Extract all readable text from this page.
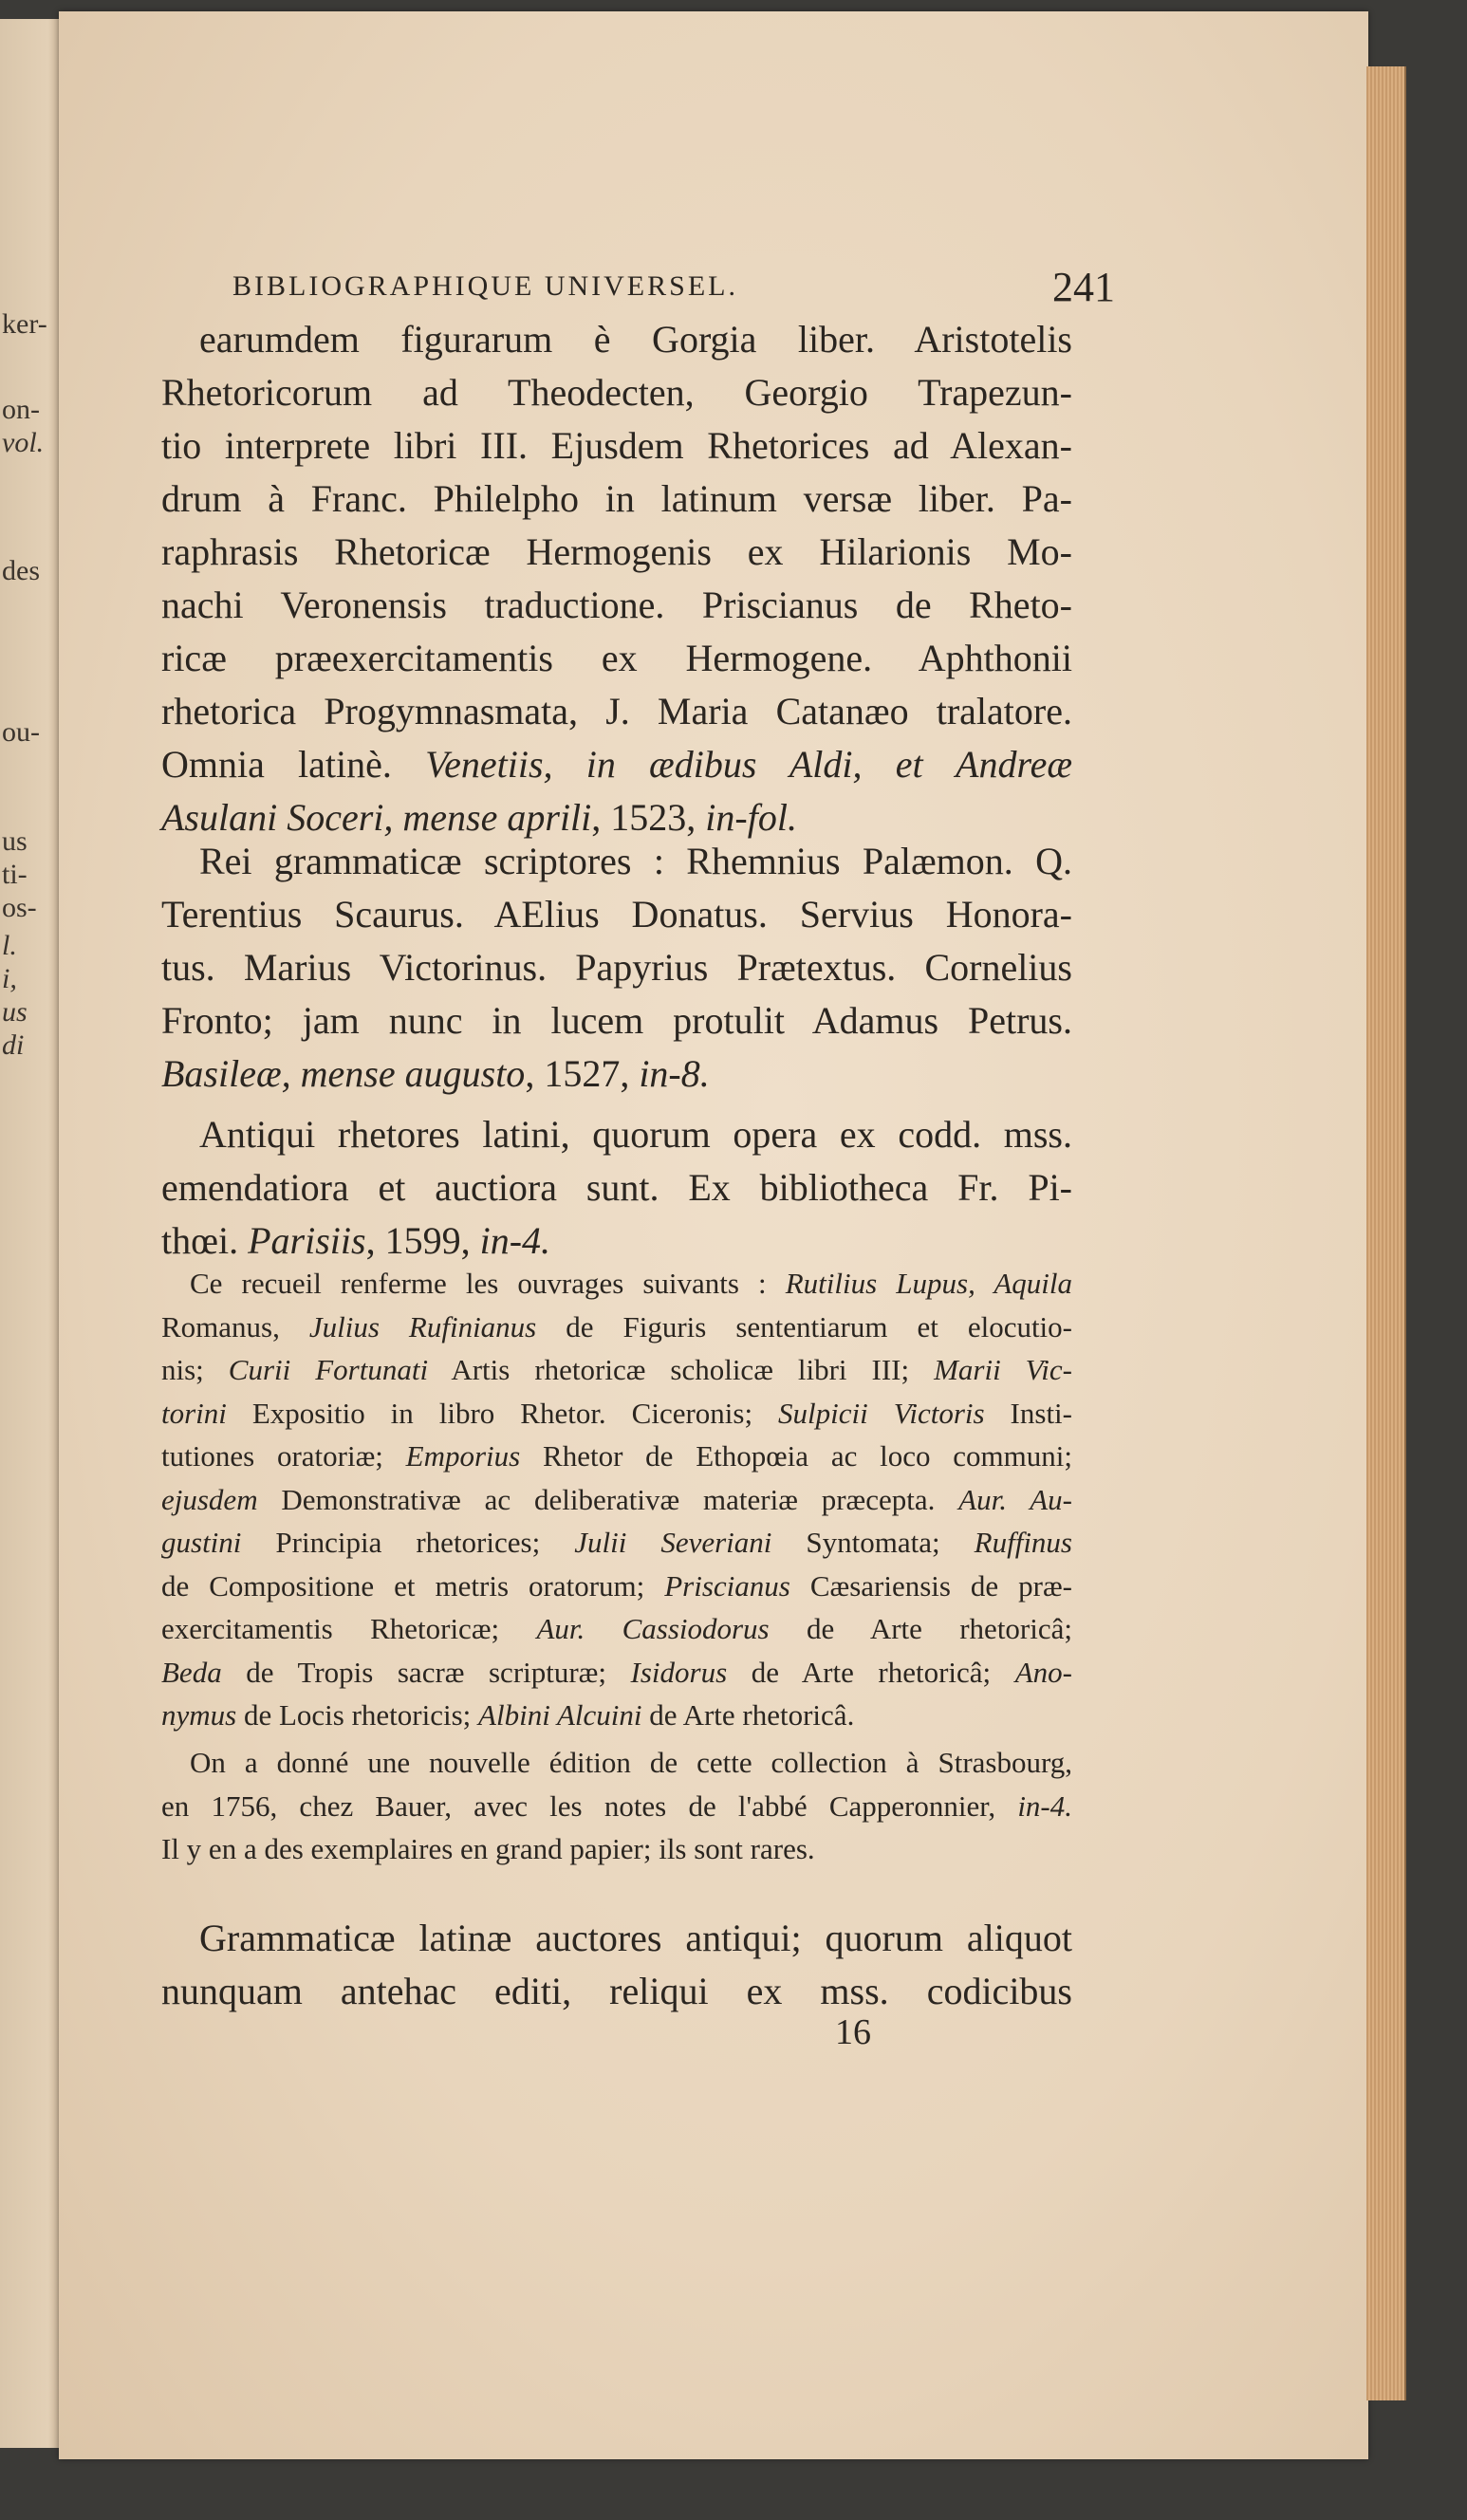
ker-
on-
vol.
des
ou-
us
ti-
os-
l.
i,
us
di
BIBLIOGRAPHIQUE UNIVERSEL.	241
earumdem figurarum è Gorgia liber. Aristotelis
Rhetoricorum ad Theodecten, Georgio Trapezun-
tio interprete libri III. Ejusdem Rhetorices ad Alexan-
drum à Franc. Philelpho in latinum versæ liber. Pa-
raphrasis Rhetoricæ Hermogenis ex Hilarionis Mo-
nachi Veronensis traductione. Priscianus de Rheto-
ricæ præexercitamentis ex Hermogene. Aphthonii
rhetorica Progymnasmata, J. Maria Catanæo tralatore.
Omnia latinè. Venetiis, in ædibus Aldi, et Andreæ
Asulani Soceri, mense aprili, 1523, in-fol.
Rei grammaticæ scriptores : Rhemnius Palæmon. Q.
Terentius Scaurus. AElius Donatus. Servius Honora-
tus. Marius Victorinus. Papyrius Prætextus. Cornelius
Fronto; jam nunc in lucem protulit Adamus Petrus.
Basileæ, mense augusto, 1527, in-8.
Antiqui rhetores latini, quorum opera ex codd. mss.
emendatiora et auctiora sunt. Ex bibliotheca Fr. Pi-
thœi. Parisiis, 1599, in-4.
Ce recueil renferme les ouvrages suivants : Rutilius Lupus, Aquila
Romanus, Julius Rufinianus de Figuris sententiarum et elocutio-
nis; Curii Fortunati Artis rhetoricæ scholicæ libri III; Marii Vic-
torini Expositio in libro Rhetor. Ciceronis; Sulpicii Victoris Insti-
tutiones oratoriæ; Emporius Rhetor de Ethopœia ac loco communi;
ejusdem Demonstrativæ ac deliberativæ materiæ præcepta. Aur. Au-
gustini Principia rhetorices; Julii Severiani Syntomata; Ruffinus
de Compositione et metris oratorum; Priscianus Cæsariensis de præ-
exercitamentis Rhetoricæ; Aur. Cassiodorus de Arte rhetoricâ;
Beda de Tropis sacræ scripturæ; Isidorus de Arte rhetoricâ; Ano-
nymus de Locis rhetoricis; Albini Alcuini de Arte rhetoricâ.
On a donné une nouvelle édition de cette collection à Strasbourg,
en 1756, chez Bauer, avec les notes de l'abbé Capperonnier, in-4.
Il y en a des exemplaires en grand papier; ils sont rares.
Grammaticæ latinæ auctores antiqui; quorum aliquot
nunquam antehac editi, reliqui ex mss. codicibus
16
